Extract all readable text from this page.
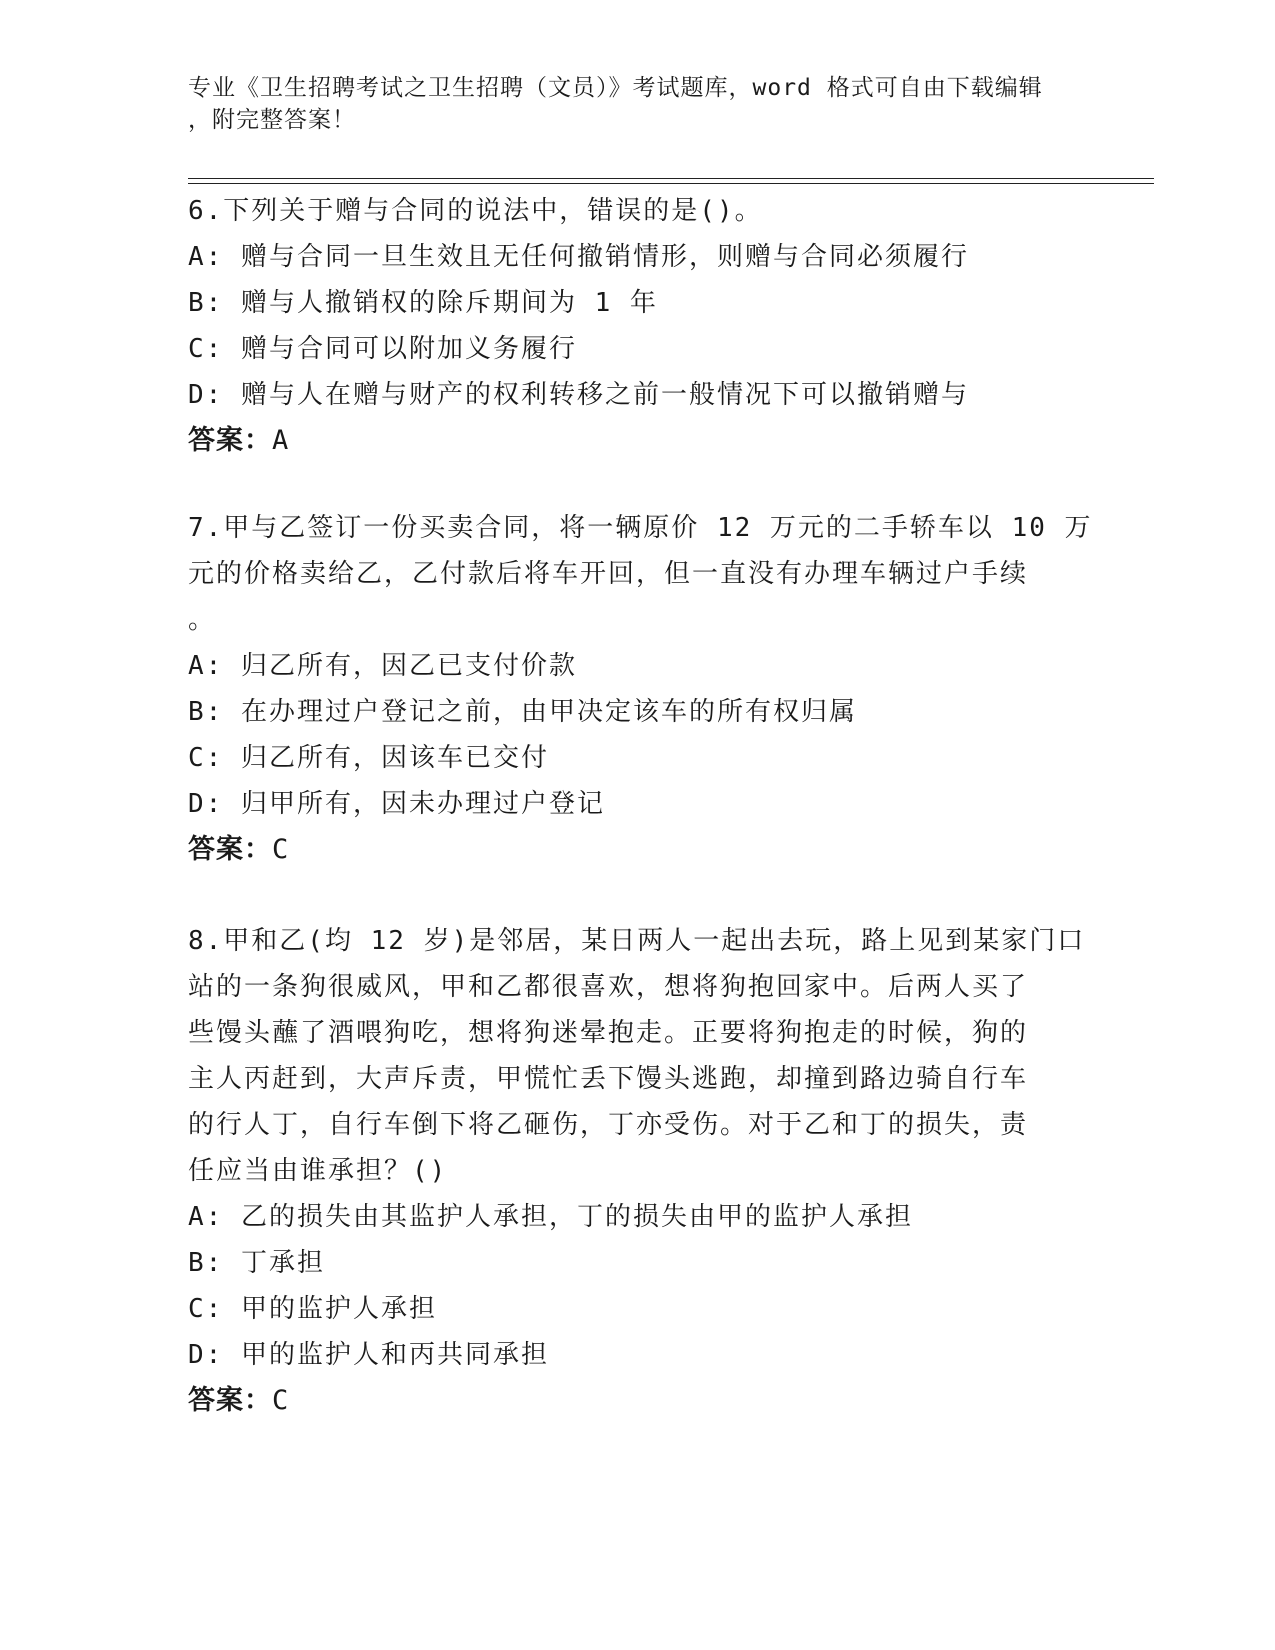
专业《卫生招聘考试之卫生招聘（文员）》考试题库，word 格式可自由下载编辑
，附完整答案！
6.下列关于赠与合同的说法中，错误的是()。
A: 赠与合同一旦生效且无任何撤销情形，则赠与合同必须履行
B: 赠与人撤销权的除斥期间为 1 年
C: 赠与合同可以附加义务履行
D: 赠与人在赠与财产的权利转移之前一般情况下可以撤销赠与
答案：A
7.甲与乙签订一份买卖合同，将一辆原价 12 万元的二手轿车以 10 万
元的价格卖给乙，乙付款后将车开回，但一直没有办理车辆过户手续
。
A: 归乙所有，因乙已支付价款
B: 在办理过户登记之前，由甲决定该车的所有权归属
C: 归乙所有，因该车已交付
D: 归甲所有，因未办理过户登记
答案：C
8.甲和乙(均 12 岁)是邻居，某日两人一起出去玩，路上见到某家门口
站的一条狗很威风，甲和乙都很喜欢，想将狗抱回家中。后两人买了
些馒头蘸了酒喂狗吃，想将狗迷晕抱走。正要将狗抱走的时候，狗的
主人丙赶到，大声斥责，甲慌忙丢下馒头逃跑，却撞到路边骑自行车
的行人丁，自行车倒下将乙砸伤，丁亦受伤。对于乙和丁的损失，责
任应当由谁承担？()
A: 乙的损失由其监护人承担，丁的损失由甲的监护人承担
B: 丁承担
C: 甲的监护人承担
D: 甲的监护人和丙共同承担
答案：C
